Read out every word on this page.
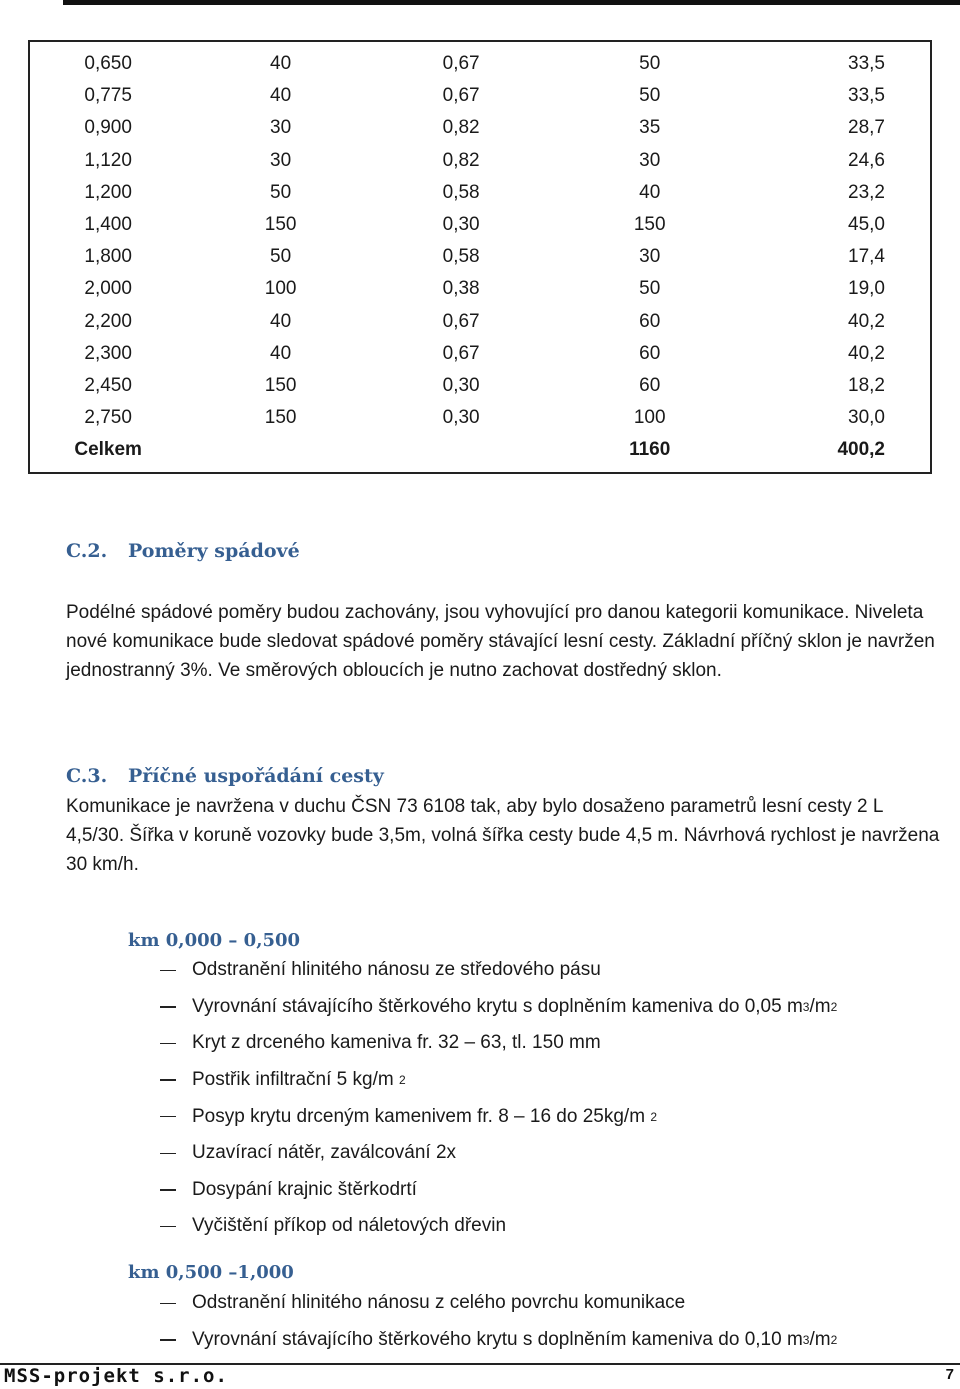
0,650	40	0,67	50	33,5
0,775	40	0,67	50	33,5
0,900	30	0,82	35	28,7
1,120	30	0,82	30	24,6
1,200	50	0,58	40	23,2
1,400	150	0,30	150	45,0
1,800	50	0,58	30	17,4
2,000	100	0,38	50	19,0
2,200	40	0,67	60	40,2
2,300	40	0,67	60	40,2
2,450	150	0,30	60	18,2
2,750	150	0,30	100	30,0
Celkem			1160	400,2
C.2. Poměry spádové

Podélné spádové poměry budou zachovány, jsou vyhovující pro danou kategorii komunikace. Niveleta nové komunikace bude sledovat spádové poměry stávající lesní cesty. Základní příčný sklon je navržen jednostranný 3%. Ve směrových obloucích je nutno zachovat dostředný sklon.

C.3. Příčné uspořádání cesty

Komunikace je navržena v duchu ČSN 73 6108 tak, aby bylo dosaženo parametrů lesní cesty 2 L 4,5/30. Šířka v koruně vozovky bude 3,5m, volná šířka cesty bude 4,5 m. Návrhová rychlost je navržena 30 km/h.

km 0,000 – 0,500
Odstranění hlinitého nánosu ze středového pásu
Vyrovnání stávajícího štěrkového krytu s doplněním kameniva do 0,05 m 3 /m 2
Kryt z drceného kameniva fr. 32 – 63, tl. 150 mm
Postřik infiltrační 5 kg/m
2
Posyp krytu drceným kamenivem fr. 8 – 16 do 25kg/m
2
Uzavírací nátěr, zaválcování 2x
Dosypání krajnic štěrkodrtí
Vyčištění příkop od náletových dřevin
km 0,500 –1,000
Odstranění hlinitého nánosu z celého povrchu komunikace
Vyrovnání stávajícího štěrkového krytu s doplněním kameniva do 0,10 m 3 /m 2
MSS-projekt s.r.o.	7
